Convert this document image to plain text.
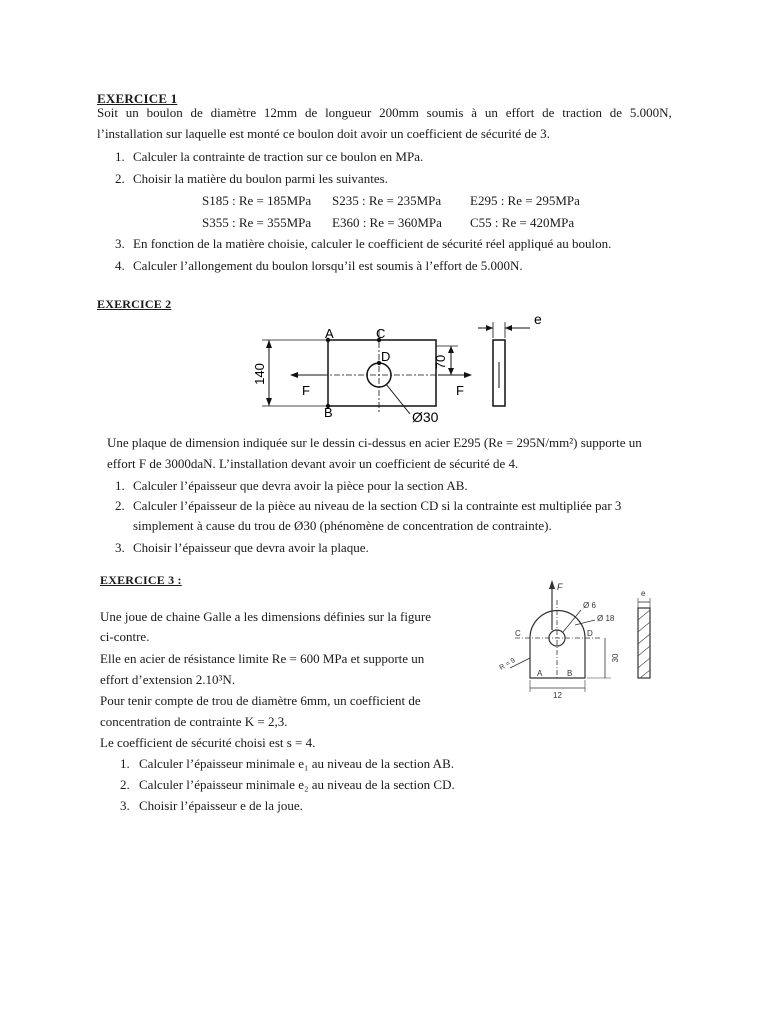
EXERCICE 1
Soit un boulon de diamètre 12mm de longueur 200mm soumis à un effort de traction de 5.000N,
l’installation sur laquelle est monté ce boulon doit avoir un coefficient de sécurité de 3.
1. Calculer la contrainte de traction sur ce boulon en MPa.
2. Choisir la matière du boulon parmi les suivantes.
S185 : Re = 185MPa S235 : Re = 235MPa E295 : Re = 295MPa
S355 : Re = 355MPa E360 : Re = 360MPa C55 : Re = 420MPa
3. En fonction de la matière choisie, calculer le coefficient de sécurité réel appliqué au boulon.
4. Calculer l’allongement du boulon lorsqu’il est soumis à l’effort de 5.000N.
EXERCICE 2
A
B
C
D
140
70
F	F
Ø30
e
Une plaque de dimension indiquée sur le dessin ci-dessus en acier E295 (Re = 295N/mm²) supporte un
effort F de 3000daN. L’installation devant avoir un coefficient de sécurité de 4.
1. Calculer l’épaisseur que devra avoir la pièce pour la section AB.
2. Calculer l’épaisseur de la pièce au niveau de la section CD si la contrainte est multipliée par 3
simplement à cause du trou de Ø30 (phénomène de concentration de contrainte).
3. Choisir l’épaisseur que devra avoir la plaque.
EXERCICE 3 :
Une joue de chaine Galle a les dimensions définies sur la figure
ci-contre.
Elle en acier de résistance limite Re = 600 MPa et supporte un
effort d’extension 2.10³N.
Pour tenir compte de trou de diamètre 6mm, un coefficient de
concentration de contrainte K = 2,3.
Le coefficient de sécurité choisi est s = 4.
1. Calculer l’épaisseur minimale e₁ au niveau de la section AB.
2. Calculer l’épaisseur minimale e₂ au niveau de la section CD.
3. Choisir l’épaisseur e de la joue.
F
Ø 6
Ø 18
C	D
A	B
R = 9
12
30
e
